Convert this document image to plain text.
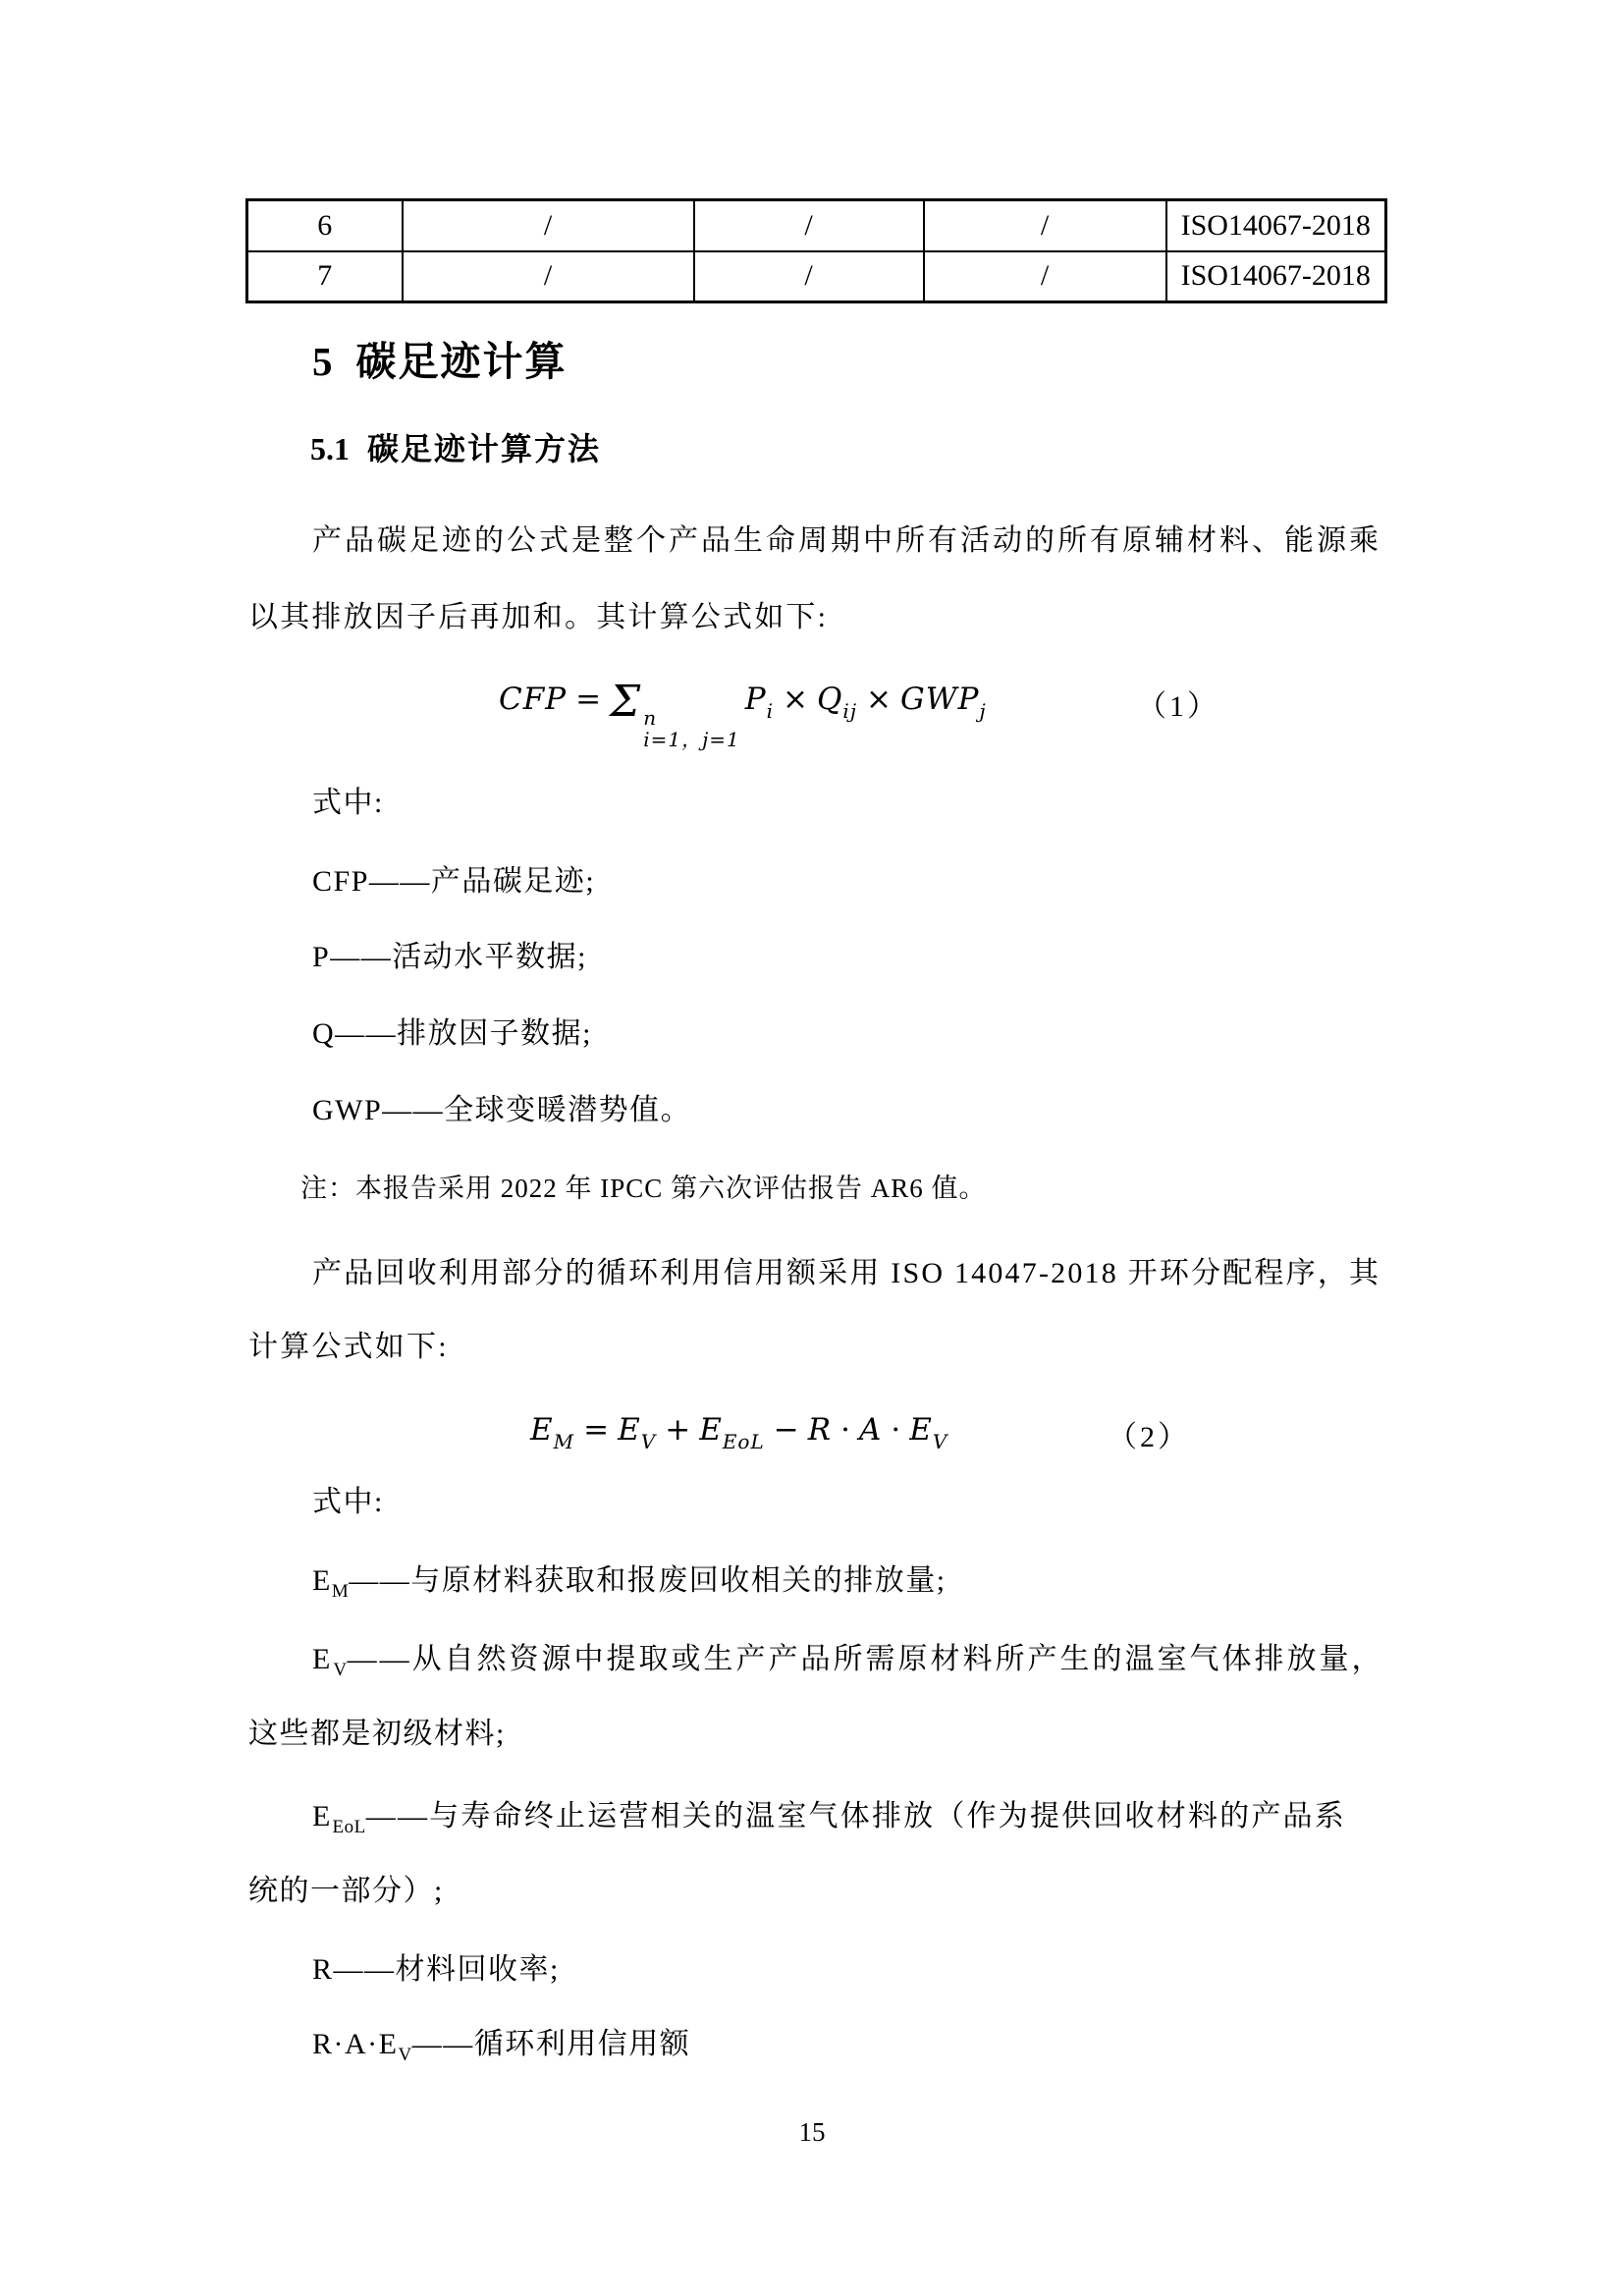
6	/	/	/	ISO14067-2018
7	/	/	/	ISO14067-2018
5 碳足迹计算
5.1 碳足迹计算方法
产品碳足迹的公式是整个产品生命周期中所有活动的所有原辅材料、能源乘
以其排放因子后再加和。其计算公式如下:
CFP = Σ n
i=1，j=1
$P_i \times Q_{ij} \times GWP_j$	（1）
式中:
CFP——产品碳足迹;
P——活动水平数据;
Q——排放因子数据;
GWP——全球变暖潜势值。
注：本报告采用 2022 年 IPCC 第六次评估报告 AR6 值。
产品回收利用部分的循环利用信用额采用 ISO 14047-2018 开环分配程序，其
计算公式如下:
$E_M = E_V + E_{EoL} - R \cdot A \cdot E_V$	（2）
式中:
$E_M——$与原材料获取和报废回收相关的排放量;
$E_V——$从自然资源中提取或生产产品所需原材料所产生的温室气体排放量，
这些都是初级材料;
$E_{EoL}——$与寿命终止运营相关的温室气体排放（作为提供回收材料的产品系
统的一部分）;
R——材料回收率;
$R\cdot A\cdot E_V——$循环利用信用额
15
